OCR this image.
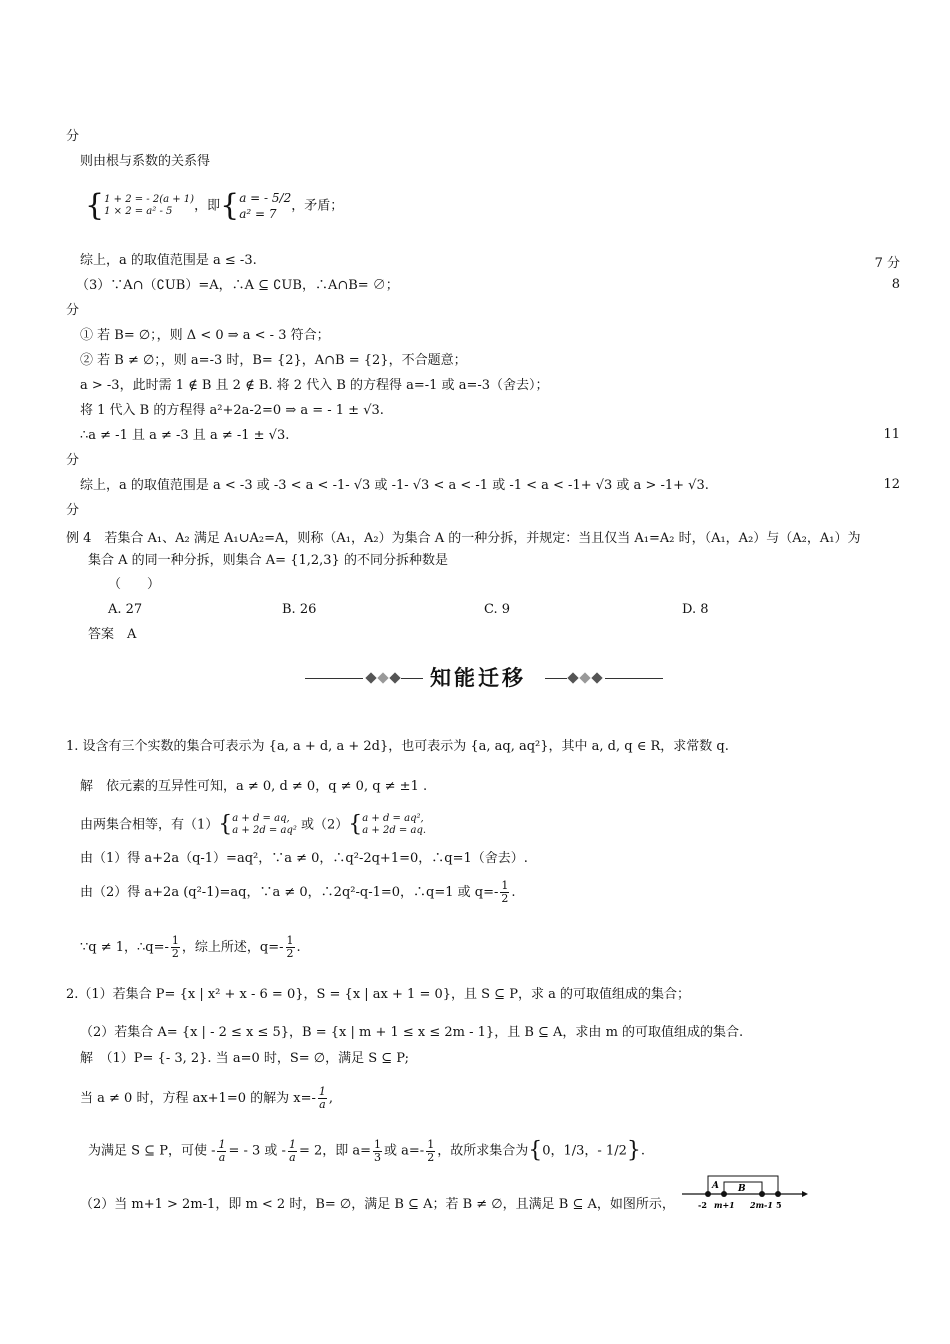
分
则由根与系数的关系得
{ 1 + 2 = - 2(a + 1)
1 × 2 = a² - 5	，即{ a = - 5/2
a² = 7
，矛盾；
综上，a 的取值范围是 a ≤ -3.	7 分
（3）∵A∩（∁UB）=A，∴A ⊆ ∁UB，∴A∩B= ∅；	8
分
① 若 B= ∅；，则 Δ < 0 ⇒ a < - 3 符合；
② 若 B ≠ ∅；，则 a=-3 时，B= {2}，A∩B = {2}，不合题意；
a > -3，此时需 1 ∉ B 且 2 ∉ B. 将 2 代入 B 的方程得 a=-1 或 a=-3（舍去）；
将 1 代入 B 的方程得 a²+2a-2=0 ⇒ a = - 1 ± √3.
∴a ≠ -1 且 a ≠ -3 且 a ≠ -1 ± √3.	11
分
综上，a 的取值范围是 a < -3 或 -3 < a < -1- √3 或 -1- √3 < a < -1 或 -1 < a < -1+ √3 或 a > -1+ √3.	12
分
例 4　若集合 A₁、A₂ 满足 A₁∪A₂=A，则称（A₁，A₂）为集合 A 的一种分拆，并规定：当且仅当 A₁=A₂ 时，（A₁，A₂）与（A₂，A₁）为
集合 A 的同一种分拆，则集合 A= {1,2,3} 的不同分拆种数是
（　　）
A. 27	B. 26	C. 9	D. 8
答案　A
知能迁移
1. 设含有三个实数的集合可表示为 {a, a + d, a + 2d}，也可表示为 {a, aq, aq²}，其中 a, d, q ∈ R，求常数 q.
解　依元素的互异性可知，a ≠ 0, d ≠ 0，q ≠ 0, q ≠ ±1 .
由两集合相等，有（1）{ a + d = aq,
a + 2d = aq² 或（2）{ a + d = aq²,
a + 2d = aq.
由（1）得 a+2a（q-1）=aq²，∵a ≠ 0，∴q²-2q+1=0，∴q=1（舍去）.
由（2）得 a+2a (q²-1)=aq，∵a ≠ 0，∴2q²-q-1=0，∴q=1 或 $q=- \frac{1}{2}$ .
∵q ≠ 1，∴q=- $\frac{1}{2}$ ，综上所述，$q=- \frac{1}{2}$ .
2.（1）若集合 P= {x | x² + x - 6 = 0}，S = {x | ax + 1 = 0}，且 S ⊆ P，求 a 的可取值组成的集合；
（2）若集合 A= {x | - 2 ≤ x ≤ 5}，B = {x | m + 1 ≤ x ≤ 2m - 1}，且 B ⊆ A，求由 m 的可取值组成的集合.
解　（1）P= {- 3, 2}. 当 a=0 时，S= ∅，满足 S ⊆ P;
当 a ≠ 0 时，方程 ax+1=0 的解为 $x=- \frac{1}{a}$ ,
为满足 S ⊆ P，可使 - $\frac{1}{a}$ = - 3 或 - $\frac{1}{a} = 2$，即 $a= \frac{1}{3}$ 或 $a=- \frac{1}{2}$ ，故所求集合为{0，1/3，- 1/2}.
（2）当 m+1 > 2m-1，即 m < 2 时，B= ∅，满足 B ⊆ A；若 B ≠ ∅，且满足 B ⊆ A，如图所示，
A B
-2 m+1 2m-1 5
